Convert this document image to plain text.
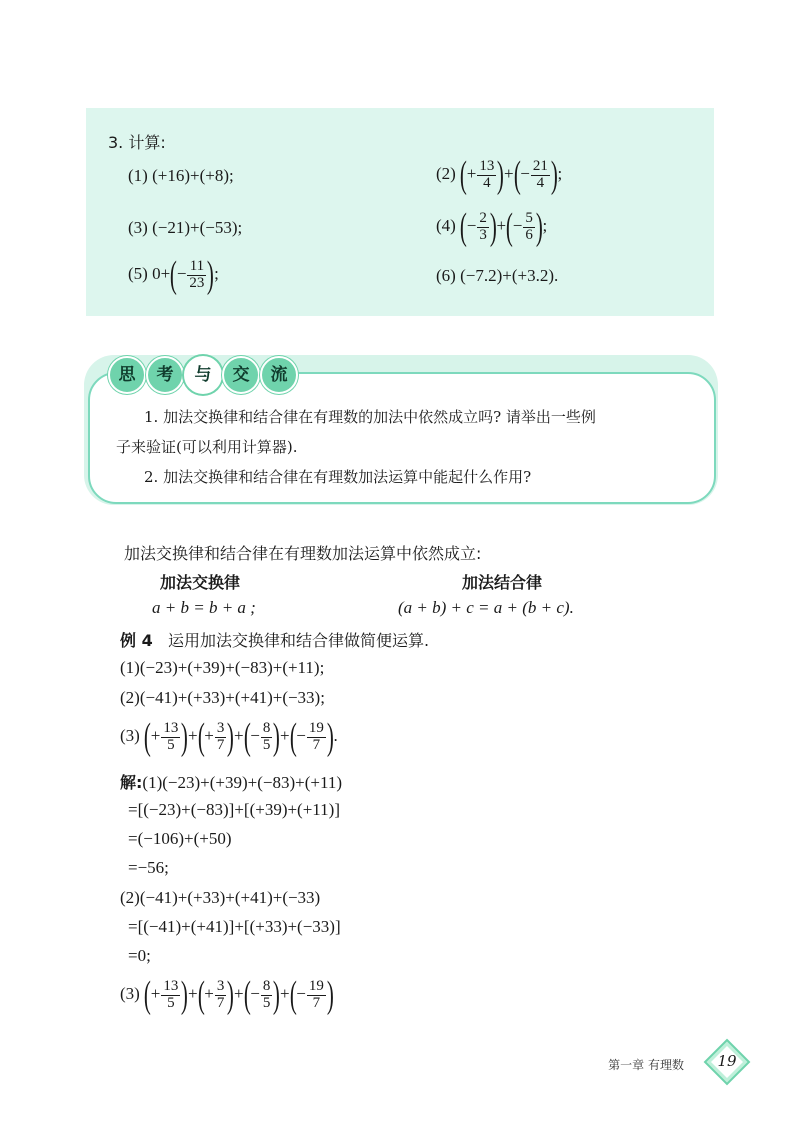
3. 计算:
(1) (+16)+(+8);	(2) (+ $\frac{13}{4}$ )+(− $\frac{21}{4}$ );
(3) (−21)+(−53);	(4) (− $\frac{2}{3}$ )+(− $\frac{5}{6}$ );
(5) $0+(- \frac{11}{23}$ );	(6) (−7.2)+(+3.2).
思	考	与	交	流
1. 加法交换律和结合律在有理数的加法中依然成立吗? 请举出一些例
子来验证(可以利用计算器).
2. 加法交换律和结合律在有理数加法运算中能起什么作用?
加法交换律和结合律在有理数加法运算中依然成立:
加法交换律	加法结合律
a + b = b + a ;	(a + b) + c = a + (b + c).
例 4 运用加法交换律和结合律做简便运算.
(1)(−23)+(+39)+(−83)+(+11);
(2)(−41)+(+33)+(+41)+(−33);
(3) (+ $\frac{13}{5}$ )+(+ $\frac{3}{7}$ )+(− $\frac{8}{5}$ )+(− $\frac{19}{7}$ ).
解:(1)(−23)+(+39)+(−83)+(+11)
=[(−23)+(−83)]+[(+39)+(+11)]
=(−106)+(+50)
=−56;
(2)(−41)+(+33)+(+41)+(−33)
=[(−41)+(+41)]+[(+33)+(−33)]
=0;
(3) (+ $\frac{13}{5}$ )+(+ $\frac{3}{7}$ )+(− $\frac{8}{5}$ )+(− $\frac{19}{7}$ )
第一章 有理数	19
